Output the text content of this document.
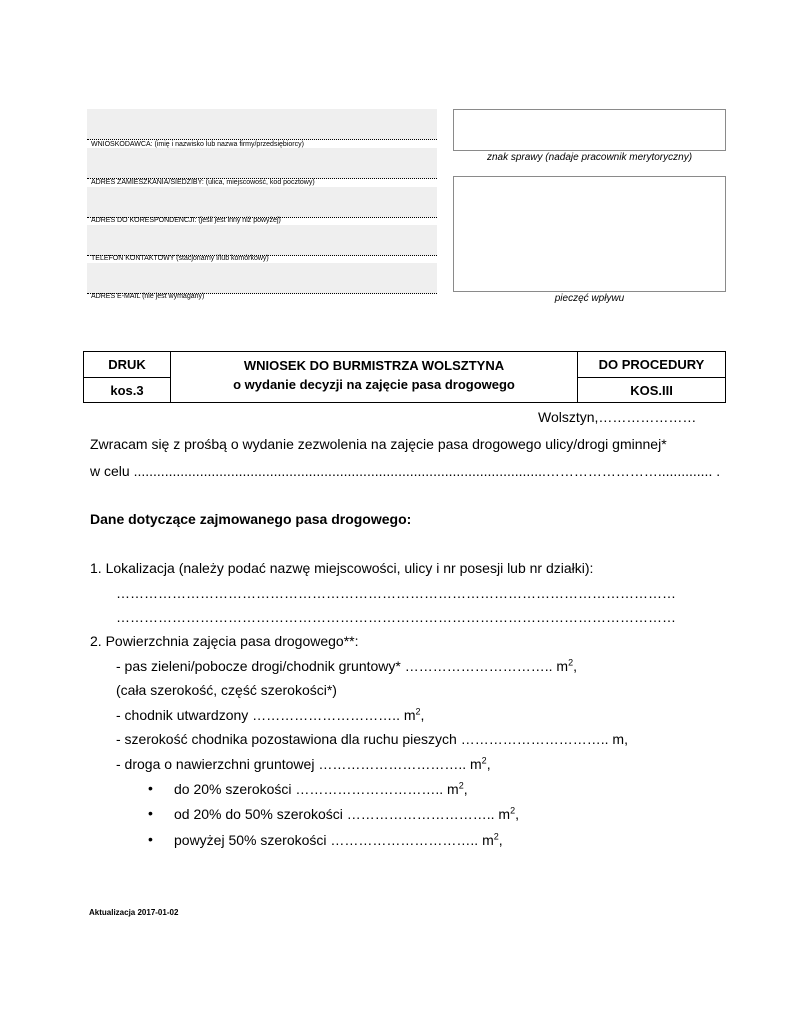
WNIOSKODAWCA: (imię i nazwisko lub nazwa firmy/przedsiębiorcy)
ADRES ZAMIESZKANIA/SIEDZIBY: (ulica, miejscowość, kod pocztowy)
ADRES DO KORESPONDENCJI: (jeśli jest inny niż powyżej)
TELEFON KONTAKTOWY (stacjonarny i/lub komórkowy)
ADRES E-MAIL (nie jest wymagany)
znak sprawy (nadaje pracownik merytoryczny)
pieczęć wpływu
DRUK
kos.3
WNIOSEK DO BURMISTRZA WOLSZTYNA
o wydanie decyzji na zajęcie pasa drogowego
DO PROCEDURY
KOS.III
Wolsztyn,…………………
Zwracam się z prośbą o wydanie zezwolenia na zajęcie pasa drogowego ulicy/drogi gminnej*
w celu ..........................................................................................................…………………….............. .
Dane dotyczące zajmowanego pasa drogowego:
1. Lokalizacja (należy podać nazwę miejscowości, ulicy i nr posesji lub nr działki):
…………………………………………………………………………………………………………
…………………………………………………………………………………………………………
2. Powierzchnia zajęcia pasa drogowego**:
- pas zieleni/pobocze drogi/chodnik gruntowy* ………………………….. $m^2$,
(cała szerokość, część szerokości*)
- chodnik utwardzony ………………………….. $m^2$,
- szerokość chodnika pozostawiona dla ruchu pieszych ………………………….. m,
- droga o nawierzchni gruntowej ………………………….. $m^2$,
• do 20% szerokości ………………………….. $m^2$,
• od 20% do 50% szerokości ………………………….. $m^2$,
• powyżej 50% szerokości ………………………….. $m^2$,
Aktualizacja 2017-01-02
